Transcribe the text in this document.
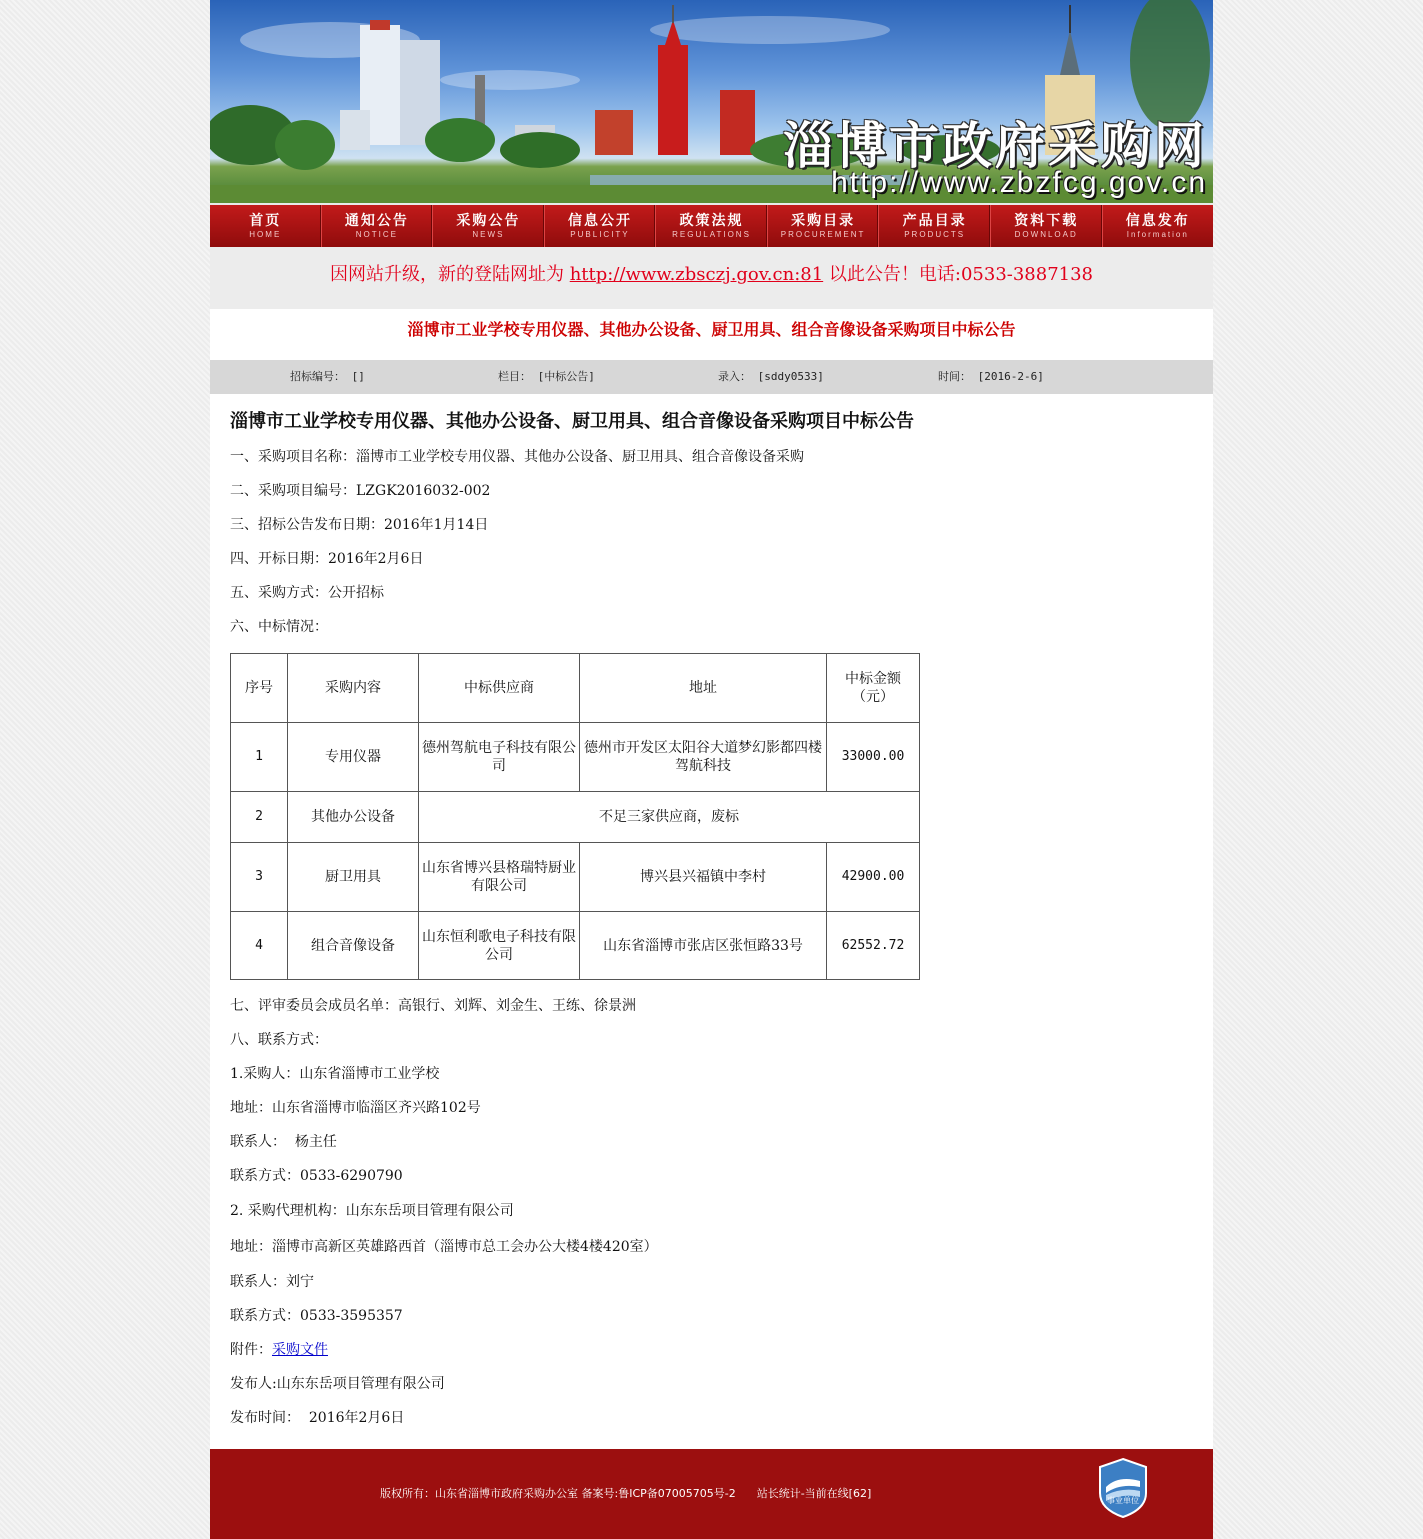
淄博市政府采购网
http://www.zbzfcg.gov.cn
首页
HOME
通知公告
NOTICE
采购公告
NEWS
信息公开
PUBLICITY
政策法规
REGULATIONS
采购目录
PROCUREMENT
产品目录
PRODUCTS
资料下载
DOWNLOAD
信息发布
Information
因网站升级，新的登陆网址为 http://www.zbsczj.gov.cn:81 以此公告！电话:0533-3887138
淄博市工业学校专用仪器、其他办公设备、厨卫用具、组合音像设备采购项目中标公告
招标编号： []	栏目： [中标公告]	录入： [sddy0533]	时间： [2016-2-6]
淄博市工业学校专用仪器、其他办公设备、厨卫用具、组合音像设备采购项目中标公告

一、采购项目名称：淄博市工业学校专用仪器、其他办公设备、厨卫用具、组合音像设备采购

二、采购项目编号：LZGK2016032-002

三、招标公告发布日期：2016年1月14日

四、开标日期：2016年2月6日

五、采购方式：公开招标

六、中标情况：

序号	采购内容	中标供应商	地址	中标金额
（元）
1	专用仪器	德州驾航电子科技有限公司	德州市开发区太阳谷大道梦幻影都四楼驾航科技	33000.00
2	其他办公设备	不足三家供应商，废标		
3	厨卫用具	山东省博兴县格瑞特厨业有限公司	博兴县兴福镇中李村	42900.00
4	组合音像设备	山东恒利歌电子科技有限公司	山东省淄博市张店区张恒路33号	62552.72

七、评审委员会成员名单：高银行、刘辉、刘金生、王练、徐景洲

八、联系方式：

1.采购人：山东省淄博市工业学校

地址：山东省淄博市临淄区齐兴路102号

联系人：  杨主任

联系方式：0533-6290790

2. 采购代理机构：山东东岳项目管理有限公司

地址：淄博市高新区英雄路西首（淄博市总工会办公大楼4楼420室）

联系人：刘宁

联系方式：0533-3595357

附件：采购文件

发布人:山东东岳项目管理有限公司

发布时间：  2016年2月6日

版权所有：山东省淄博市政府采购办公室 备案号:鲁ICP备07005705号-2      站长统计-当前在线[62]
事业单位
